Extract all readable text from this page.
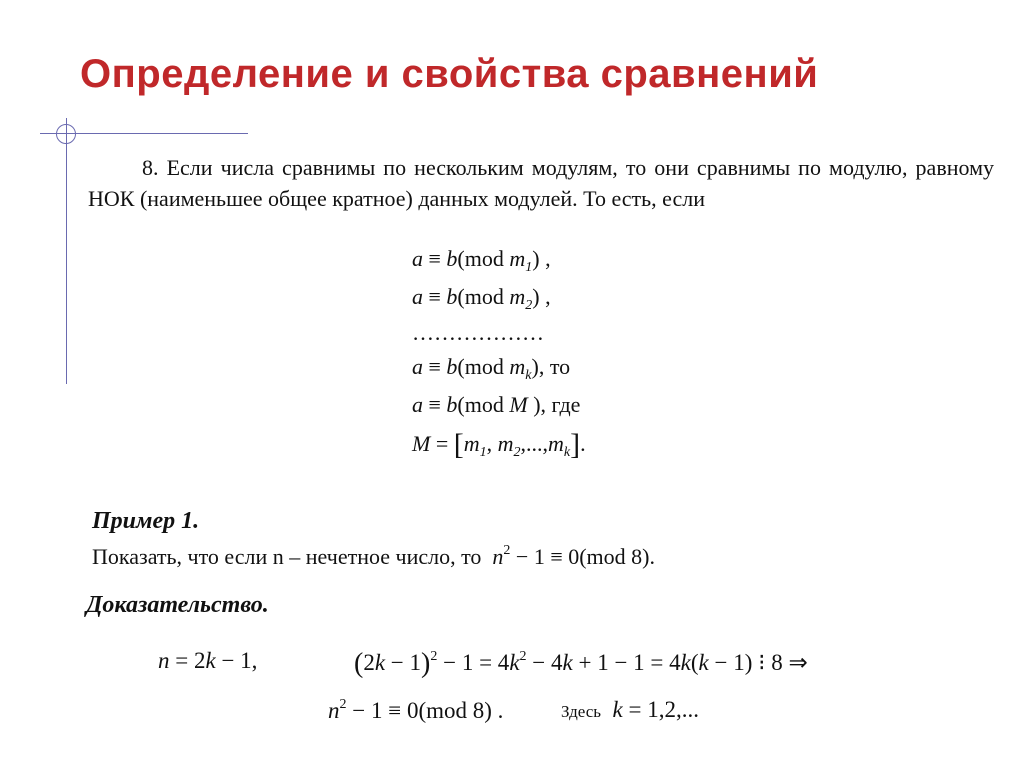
Определение и свойства сравнений
8. Если числа сравнимы по нескольким модулям, то они сравнимы по модулю, равному НОК (наименьшее общее кратное) данных модулей. То есть, если
a ≡ b(mod $m_1$) ,
a ≡ b(mod $m_2$) ,
………………
a ≡ b(mod $m_k$), то
a ≡ b(mod M ), где
$M = [m_1$, $m_2,...,m_k$].
Пример 1.
Показать, что если n – нечетное число, то $n^2 - 1 \equiv 0(mod$ 8).
Доказательство.
n = 2k − 1,	$(2k - 1)^2 - 1 = 4k^2 - 4k + 1 - 1 = 4k(k - 1)$ ⁝ 8 ⇒
$n^2 - 1 \equiv 0(mod$ 8) .	Здесь k = 1,2,...
